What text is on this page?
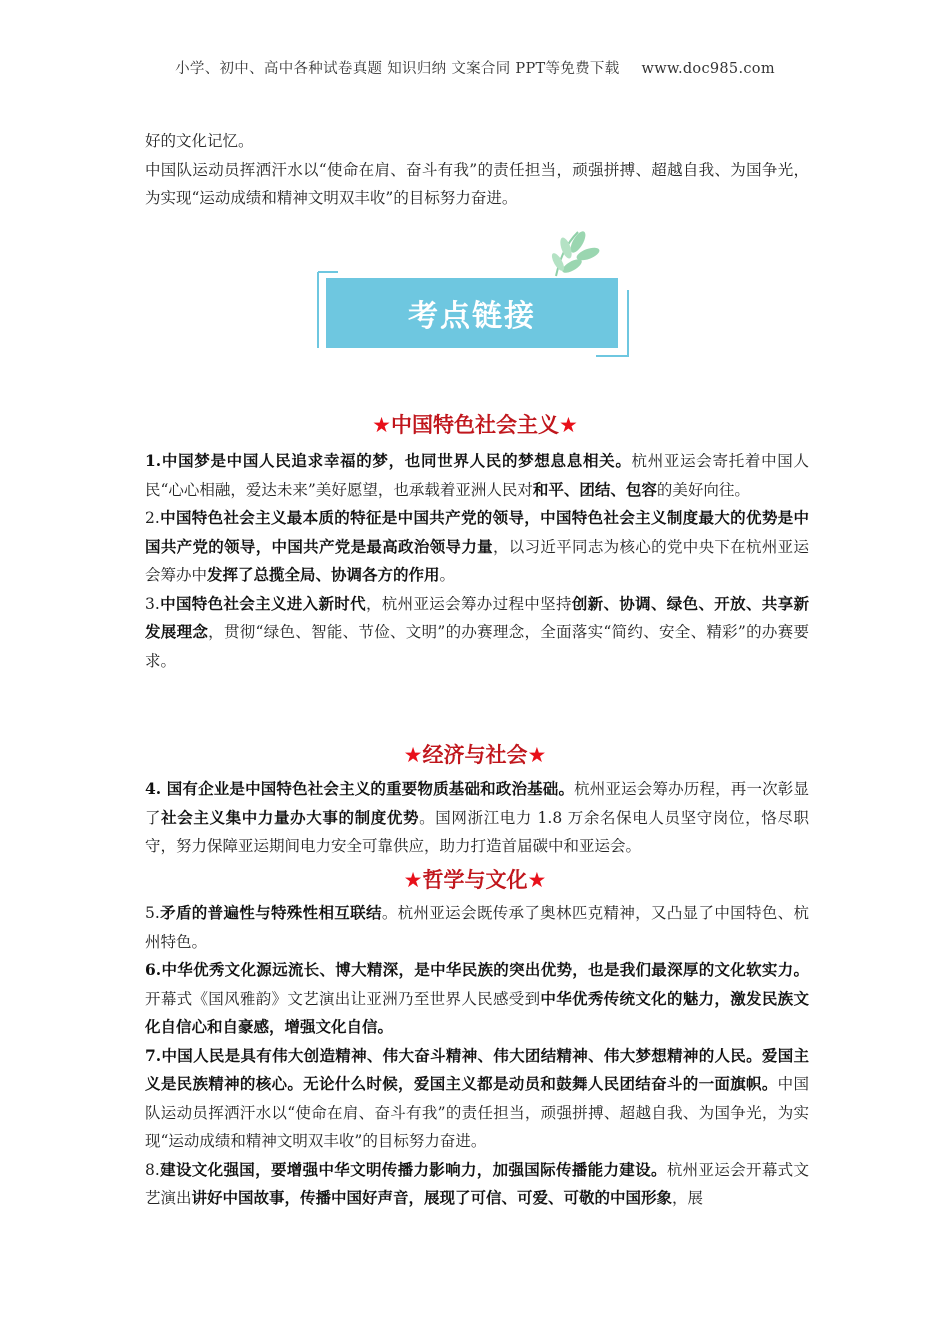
小学、初中、高中各种试卷真题 知识归纳 文案合同 PPT等免费下载 www.doc985.com

好的文化记忆。

中国队运动员挥洒汗水以“使命在肩、奋斗有我”的责任担当，顽强拼搏、超越自我、为国争光，为实现“运动成绩和精神文明双丰收”的目标努力奋进。

考点链接
★中国特色社会主义★

1.中国梦是中国人民追求幸福的梦，也同世界人民的梦想息息相关。杭州亚运会寄托着中国人民“心心相融，爱达未来”美好愿望，也承载着亚洲人民对和平、团结、包容的美好向往。

2.中国特色社会主义最本质的特征是中国共产党的领导，中国特色社会主义制度最大的优势是中国共产党的领导，中国共产党是最高政治领导力量，以习近平同志为核心的党中央下在杭州亚运会筹办中发挥了总揽全局、协调各方的作用。

3.中国特色社会主义进入新时代，杭州亚运会筹办过程中坚持创新、协调、绿色、开放、共享新发展理念，贯彻“绿色、智能、节俭、文明”的办赛理念，全面落实“简约、安全、精彩”的办赛要求。

★经济与社会★

4. 国有企业是中国特色社会主义的重要物质基础和政治基础。杭州亚运会筹办历程，再一次彰显了社会主义集中力量办大事的制度优势。国网浙江电力 1.8 万余名保电人员坚守岗位，恪尽职守，努力保障亚运期间电力安全可靠供应，助力打造首届碳中和亚运会。

★哲学与文化★

5.矛盾的普遍性与特殊性相互联结。杭州亚运会既传承了奥林匹克精神，又凸显了中国特色、杭州特色。

6.中华优秀文化源远流长、博大精深，是中华民族的突出优势，也是我们最深厚的文化软实力。开幕式《国风雅韵》文艺演出让亚洲乃至世界人民感受到中华优秀传统文化的魅力，激发民族文化自信心和自豪感，增强文化自信。

7.中国人民是具有伟大创造精神、伟大奋斗精神、伟大团结精神、伟大梦想精神的人民。爱国主义是民族精神的核心。无论什么时候，爱国主义都是动员和鼓舞人民团结奋斗的一面旗帜。中国队运动员挥洒汗水以“使命在肩、奋斗有我”的责任担当，顽强拼搏、超越自我、为国争光，为实现“运动成绩和精神文明双丰收”的目标努力奋进。

8.建设文化强国，要增强中华文明传播力影响力，加强国际传播能力建设。杭州亚运会开幕式文艺演出讲好中国故事，传播中国好声音，展现了可信、可爱、可敬的中国形象，展
